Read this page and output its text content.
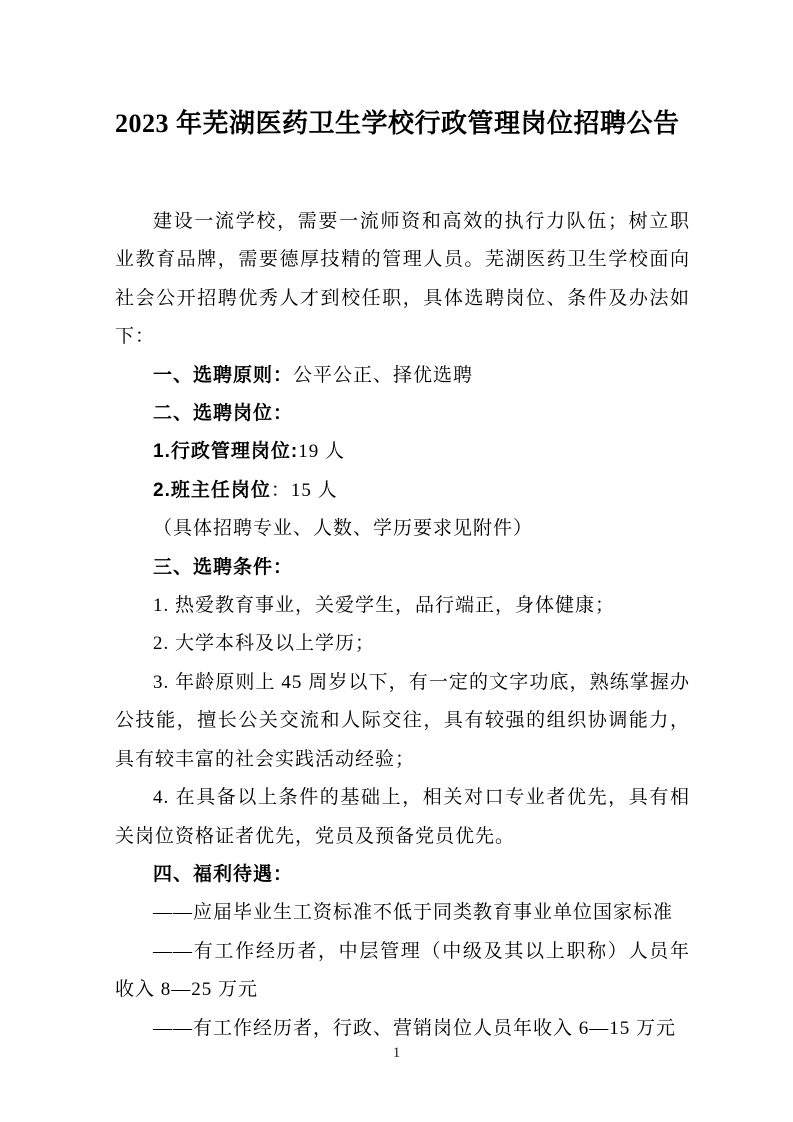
2023 年芜湖医药卫生学校行政管理岗位招聘公告

建设一流学校，需要一流师资和高效的执行力队伍；树立职业教育品牌，需要德厚技精的管理人员。芜湖医药卫生学校面向社会公开招聘优秀人才到校任职，具体选聘岗位、条件及办法如下：

一、选聘原则：公平公正、择优选聘

二、选聘岗位：

1.行政管理岗位:19 人

2.班主任岗位：15 人

（具体招聘专业、人数、学历要求见附件）

三、选聘条件：

1. 热爱教育事业，关爱学生，品行端正，身体健康；

2. 大学本科及以上学历；

3. 年龄原则上 45 周岁以下，有一定的文字功底，熟练掌握办公技能，擅长公关交流和人际交往，具有较强的组织协调能力，具有较丰富的社会实践活动经验；

4. 在具备以上条件的基础上，相关对口专业者优先，具有相关岗位资格证者优先，党员及预备党员优先。

四、福利待遇：

——应届毕业生工资标准不低于同类教育事业单位国家标准

——有工作经历者，中层管理（中级及其以上职称）人员年收入 8—25 万元

——有工作经历者，行政、营销岗位人员年收入 6—15 万元

1
